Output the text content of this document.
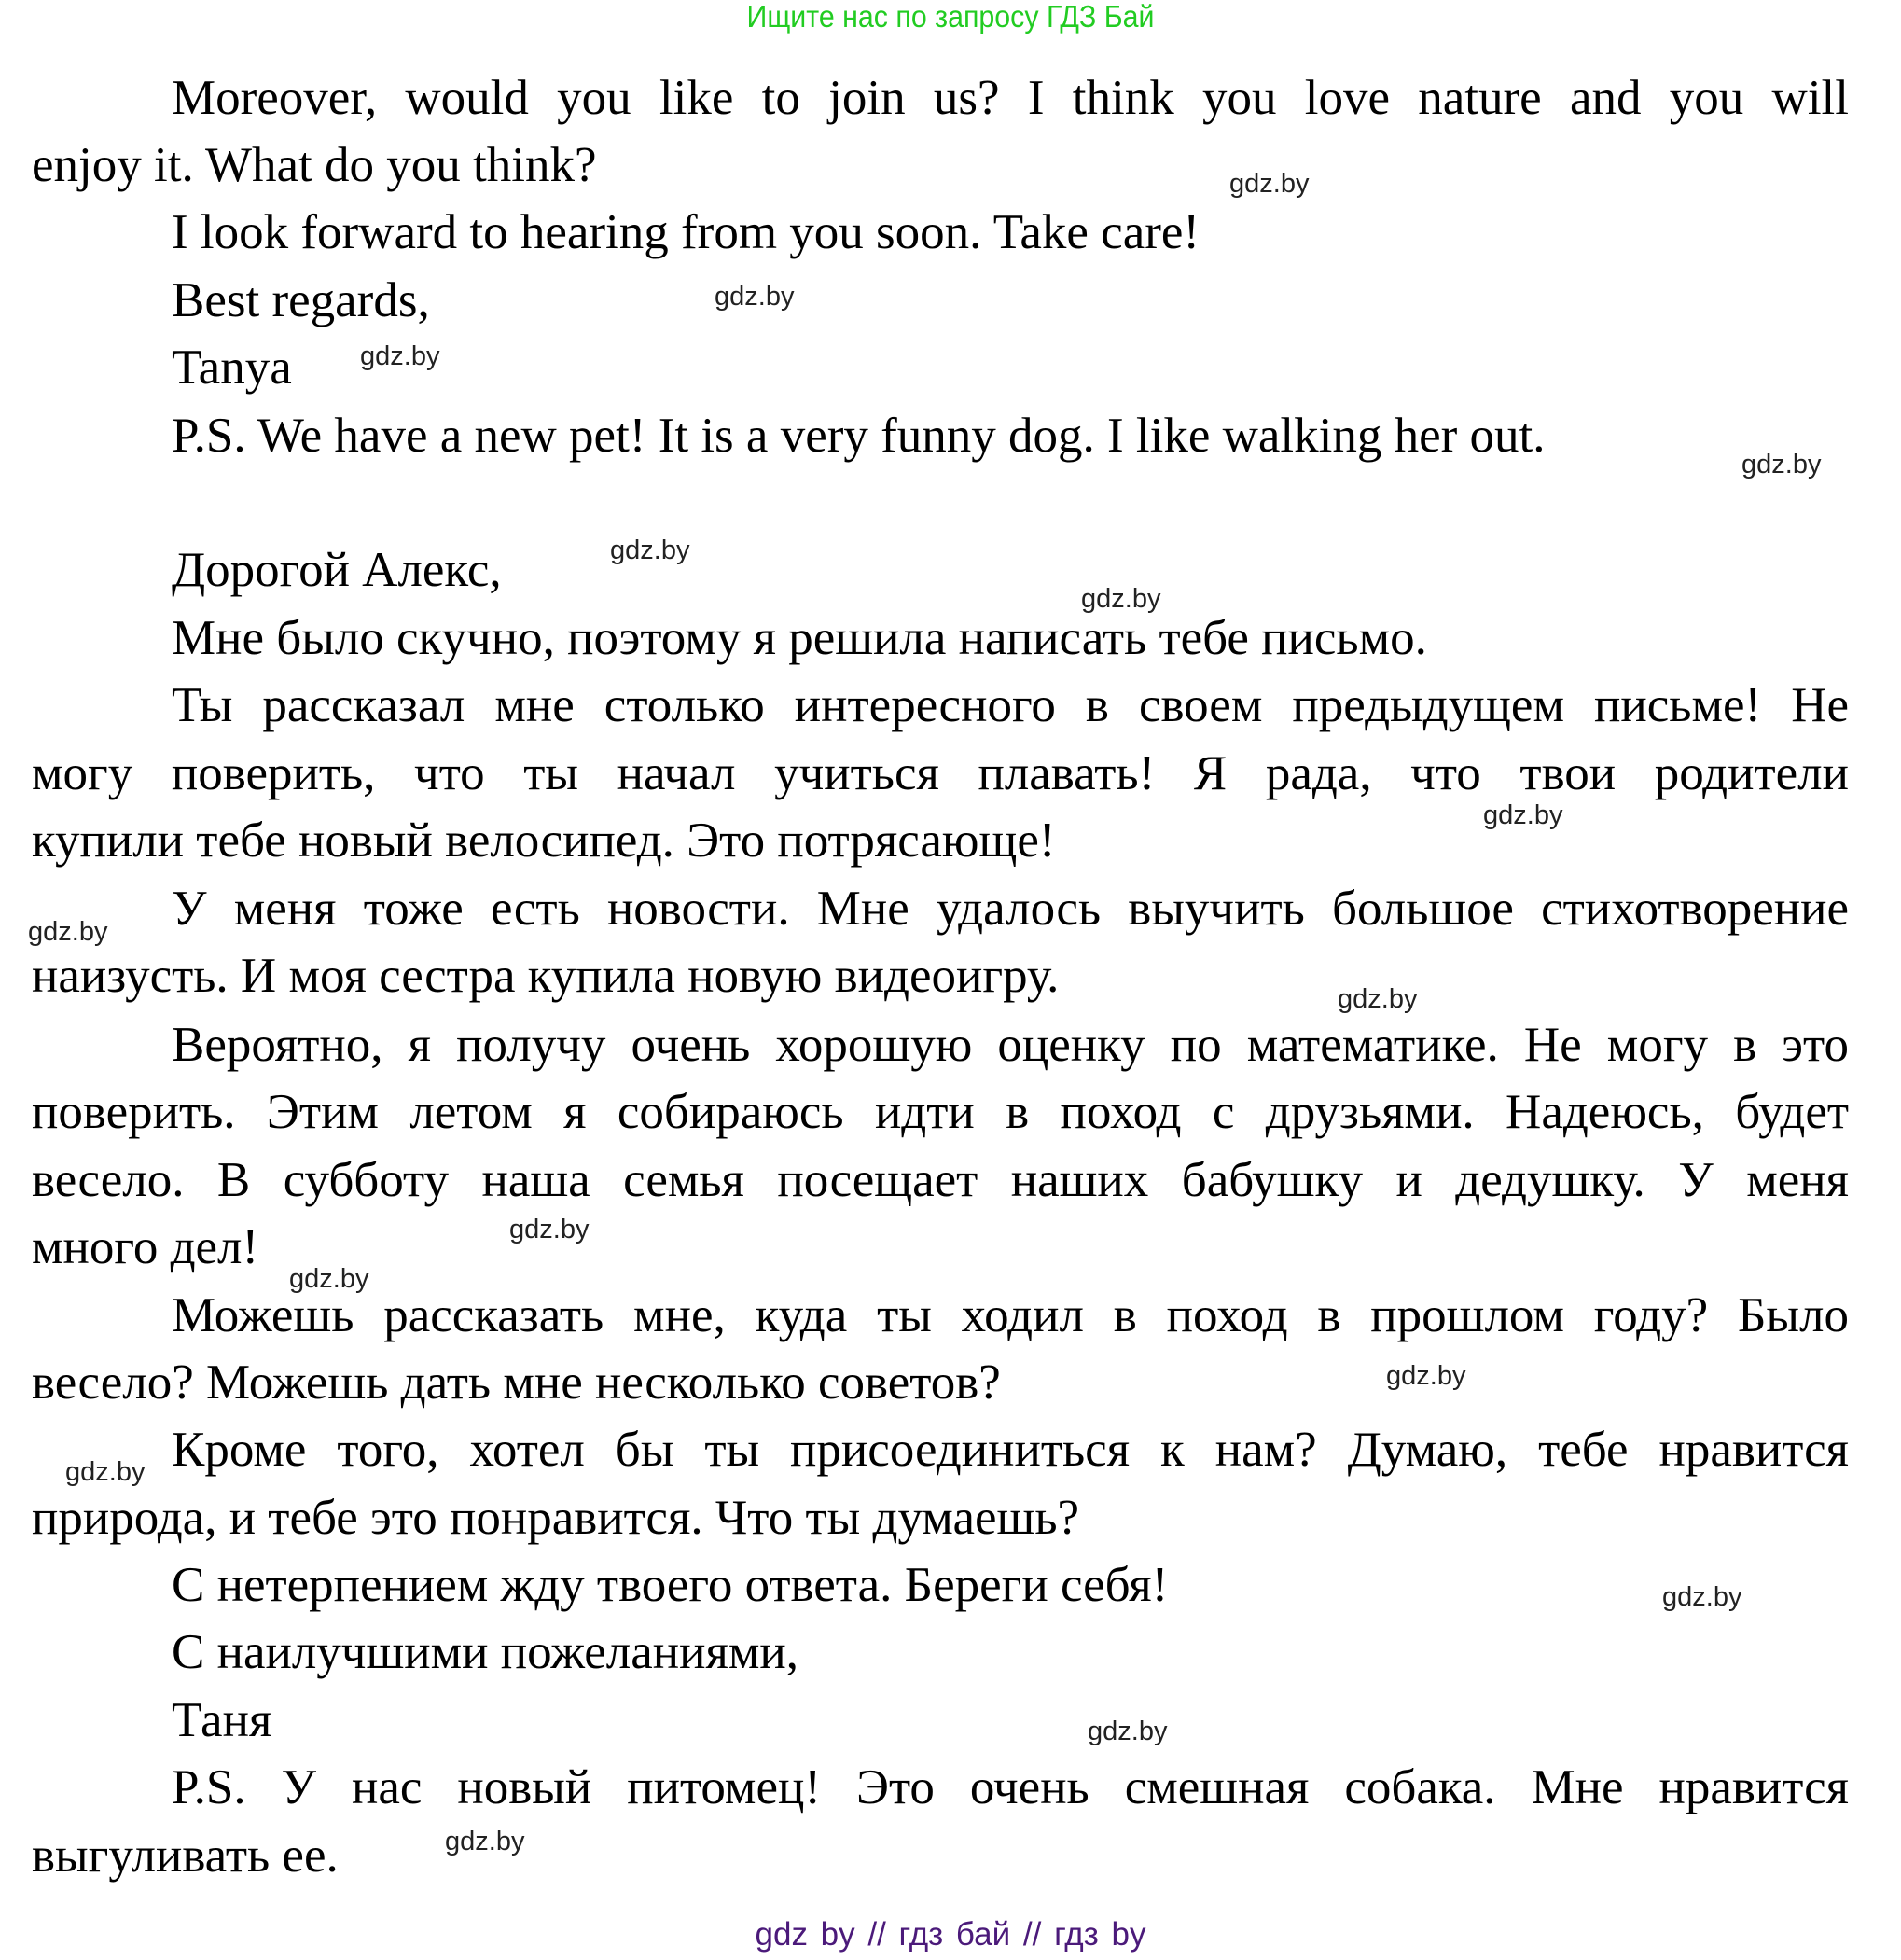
Ищите нас по запросу ГДЗ Бай
Moreover, would you like to join us? I think you love nature and you will
enjoy it. What do you think?
I look forward to hearing from you soon. Take care!
Best regards,
Tanya
P.S. We have a new pet! It is a very funny dog. I like walking her out.
Дорогой Алекс,
Мне было скучно, поэтому я решила написать тебе письмо.
Ты рассказал мне столько интересного в своем предыдущем письме! Не
могу поверить, что ты начал учиться плавать! Я рада, что твои родители
купили тебе новый велосипед. Это потрясающе!
У меня тоже есть новости. Мне удалось выучить большое стихотворение
наизусть. И моя сестра купила новую видеоигру.
Вероятно, я получу очень хорошую оценку по математике. Не могу в это
поверить. Этим летом я собираюсь идти в поход с друзьями. Надеюсь, будет
весело. В субботу наша семья посещает наших бабушку и дедушку. У меня
много дел!
Можешь рассказать мне, куда ты ходил в поход в прошлом году? Было
весело? Можешь дать мне несколько советов?
Кроме того, хотел бы ты присоединиться к нам? Думаю, тебе нравится
природа, и тебе это понравится. Что ты думаешь?
С нетерпением жду твоего ответа. Береги себя!
С наилучшими пожеланиями,
Таня
P.S. У нас новый питомец! Это очень смешная собака. Мне нравится
выгуливать ее.
gdz.by
gdz.by
gdz.by
gdz.by
gdz.by
gdz.by
gdz.by
gdz.by
gdz.by
gdz.by
gdz.by
gdz.by
gdz.by
gdz.by
gdz.by
gdz.by
gdz by // гдз бай // гдз by
